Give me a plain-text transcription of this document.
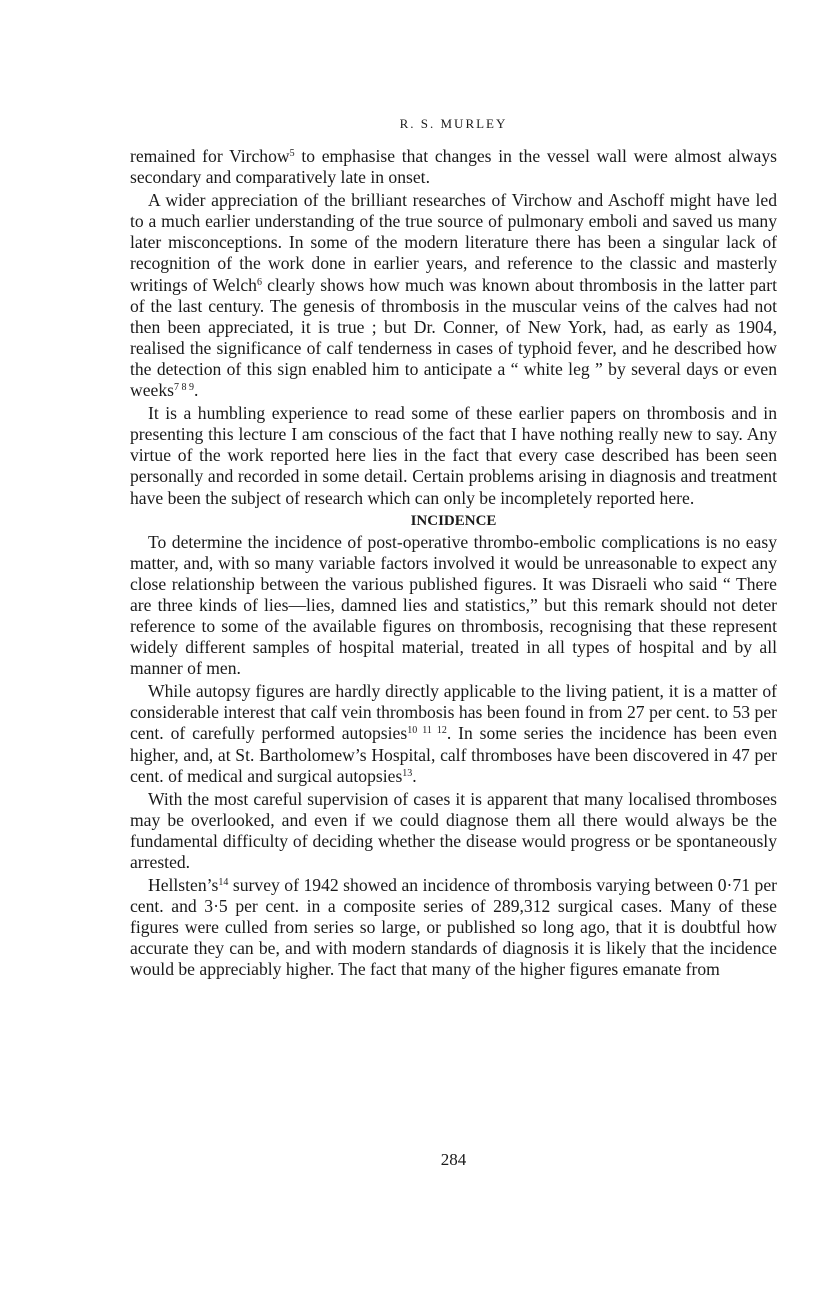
R. S. MURLEY

remained for Virchow$^5$ to emphasise that changes in the vessel wall were almost always secondary and comparatively late in onset.

A wider appreciation of the brilliant researches of Virchow and Aschoff might have led to a much earlier understanding of the true source of pulmonary emboli and saved us many later misconceptions. In some of the modern literature there has been a singular lack of recognition of the work done in earlier years, and reference to the classic and masterly writings of Welch$^6$ clearly shows how much was known about thrombosis in the latter part of the last century. The genesis of thrombosis in the muscular veins of the calves had not then been appreciated, it is true ; but Dr. Conner, of New York, had, as early as 1904, realised the significance of calf tenderness in cases of typhoid fever, and he described how the detection of this sign enabled him to anticipate a “ white leg ” by several days or even weeks$^{7 8 9}$.

It is a humbling experience to read some of these earlier papers on thrombosis and in presenting this lecture I am conscious of the fact that I have nothing really new to say. Any virtue of the work reported here lies in the fact that every case described has been seen personally and recorded in some detail. Certain problems arising in diagnosis and treatment have been the subject of research which can only be incompletely reported here.

INCIDENCE

To determine the incidence of post-operative thrombo-embolic complications is no easy matter, and, with so many variable factors involved it would be unreasonable to expect any close relationship between the various published figures. It was Disraeli who said “ There are three kinds of lies—lies, damned lies and statistics,” but this remark should not deter reference to some of the available figures on thrombosis, recognising that these represent widely different samples of hospital material, treated in all types of hospital and by all manner of men.

While autopsy figures are hardly directly applicable to the living patient, it is a matter of considerable interest that calf vein thrombosis has been found in from 27 per cent. to 53 per cent. of carefully performed autopsies$^{10 11 12}$. In some series the incidence has been even higher, and, at St. Bartholomew’s Hospital, calf thromboses have been discovered in 47 per cent. of medical and surgical autopsies$^{13}$.

With the most careful supervision of cases it is apparent that many localised thromboses may be overlooked, and even if we could diagnose them all there would always be the fundamental difficulty of deciding whether the disease would progress or be spontaneously arrested.

$Hellsten’s^{14}$ survey of 1942 showed an incidence of thrombosis varying between 0·71 per cent. and 3·5 per cent. in a composite series of 289,312 surgical cases. Many of these figures were culled from series so large, or published so long ago, that it is doubtful how accurate they can be, and with modern standards of diagnosis it is likely that the incidence would be appreciably higher. The fact that many of the higher figures emanate from

284
